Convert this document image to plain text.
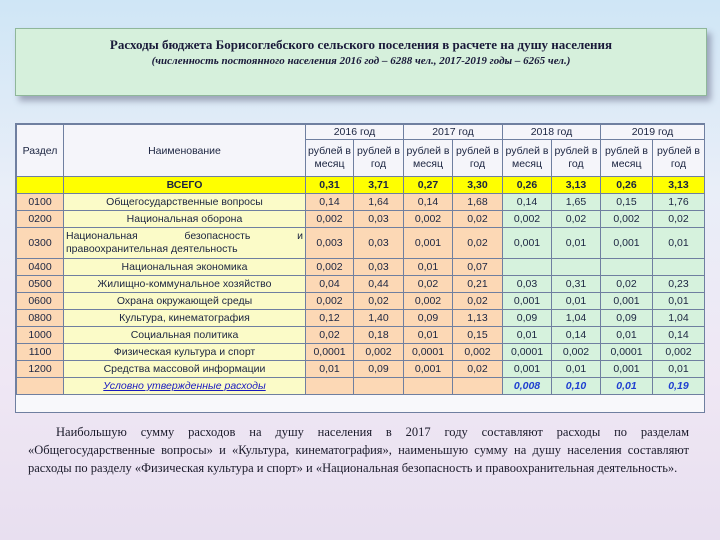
Расходы бюджета Борисоглебского сельского поселения в расчете на душу населения
(численность постоянного населения 2016 год – 6288 чел., 2017-2019 годы – 6265 чел.)
Раздел	Наименование	2016 год		2017 год		2018 год		2019 год	
		рублей в месяц	рублей в год	рублей в месяц	рублей в год	рублей в месяц	рублей в год	рублей в месяц	рублей в год
	ВСЕГО	0,31	3,71	0,27	3,30	0,26	3,13	0,26	3,13
0100	Общегосударственные вопросы	0,14	1,64	0,14	1,68	0,14	1,65	0,15	1,76
0200	Национальная оборона	0,002	0,03	0,002	0,02	0,002	0,02	0,002	0,02
0300	Национальная безопасность и правоохранительная деятельность	0,003	0,03	0,001	0,02	0,001	0,01	0,001	0,01
0400	Национальная экономика	0,002	0,03	0,01	0,07				
0500	Жилищно-коммунальное хозяйство	0,04	0,44	0,02	0,21	0,03	0,31	0,02	0,23
0600	Охрана окружающей среды	0,002	0,02	0,002	0,02	0,001	0,01	0,001	0,01
0800	Культура, кинематография	0,12	1,40	0,09	1,13	0,09	1,04	0,09	1,04
1000	Социальная политика	0,02	0,18	0,01	0,15	0,01	0,14	0,01	0,14
1100	Физическая культура и спорт	0,0001	0,002	0,0001	0,002	0,0001	0,002	0,0001	0,002
1200	Средства массовой информации	0,01	0,09	0,001	0,02	0,001	0,01	0,001	0,01
	Условно утвержденные расходы					0,008	0,10	0,01	0,19
Наибольшую сумму расходов на душу населения в 2017 году составляют расходы по разделам «Общегосударственные вопросы» и «Культура, кинематография», наименьшую сумму на душу населения составляют расходы по разделу «Физическая культура и спорт» и «Национальная безопасность и правоохранительная деятельность».
